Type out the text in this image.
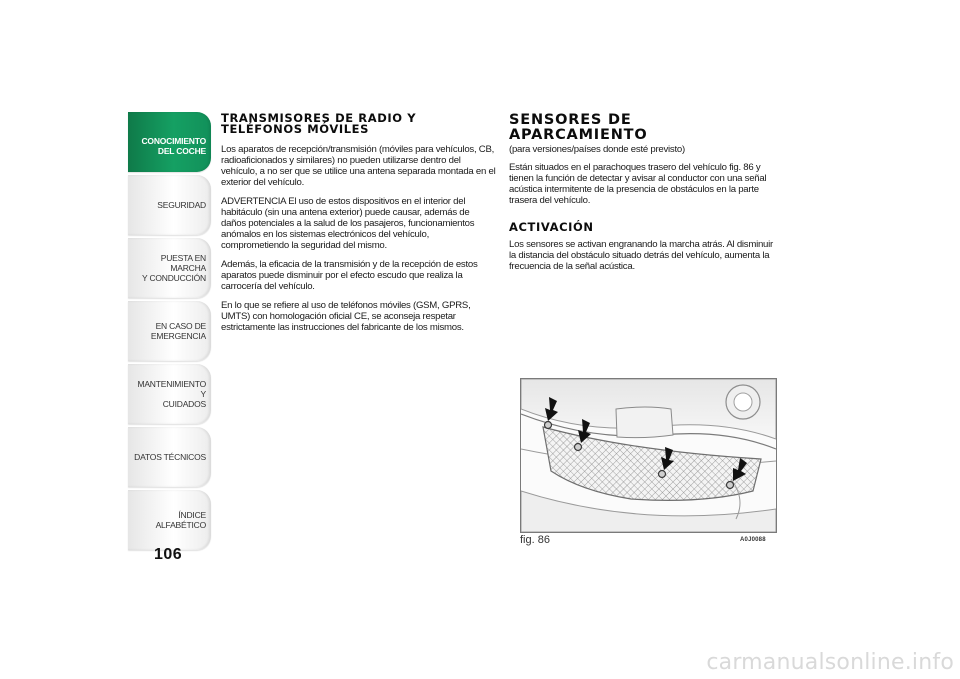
CONOCIMIENTO
DEL COCHE
SEGURIDAD
PUESTA EN MARCHA
Y CONDUCCIÓN
EN CASO DE
EMERGENCIA
MANTENIMIENTO Y
CUIDADOS
DATOS TÉCNICOS
ÍNDICE ALFABÉTICO
106
TRANSMISORES DE RADIO Y TELÉFONOS MÓVILES

Los aparatos de recepción/transmisión (móviles para vehículos, CB, radioaficionados y similares) no pueden utilizarse dentro del vehículo, a no ser que se utilice una antena separada montada en el exterior del vehículo.

ADVERTENCIA El uso de estos dispositivos en el interior del habitáculo (sin una antena exterior) puede causar, además de daños potenciales a la salud de los pasajeros, funcionamientos anómalos en los sistemas electrónicos del vehículo, comprometiendo la seguridad del mismo.

Además, la eficacia de la transmisión y de la recepción de estos aparatos puede disminuir por el efecto escudo que realiza la carrocería del vehículo.

En lo que se refiere al uso de teléfonos móviles (GSM, GPRS, UMTS) con homologación oficial CE, se aconseja respetar estrictamente las instrucciones del fabricante de los mismos.

SENSORES DE APARCAMIENTO

(para versiones/países donde esté previsto)

Están situados en el parachoques trasero del vehículo fig. 86 y tienen la función de detectar y avisar al conductor con una señal acústica intermitente de la presencia de obstáculos en la parte trasera del vehículo.

ACTIVACIÓN

Los sensores se activan engranando la marcha atrás. Al disminuir la distancia del obstáculo situado detrás del vehículo, aumenta la frecuencia de la señal acústica.

fig. 86	A0J0088
carmanualsonline.info
